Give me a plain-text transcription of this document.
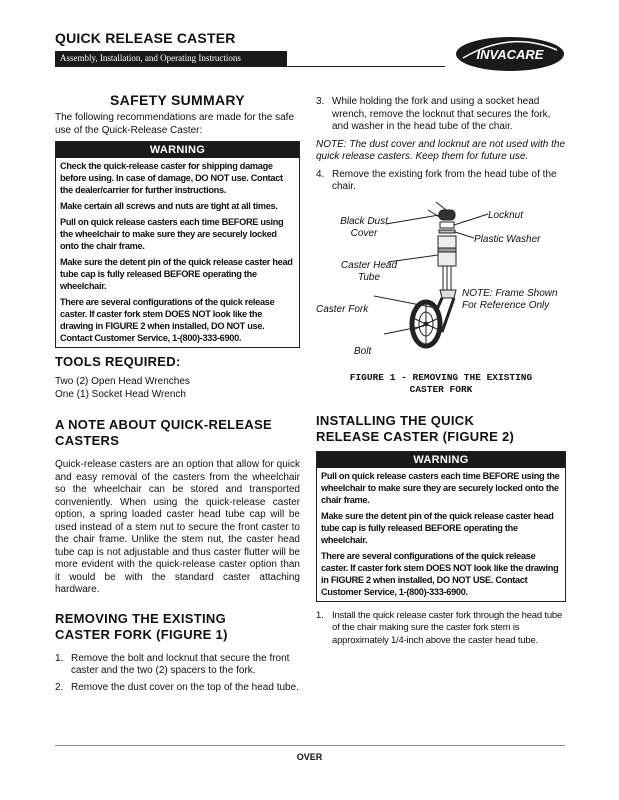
QUICK RELEASE CASTER
Assembly, Installation, and Operating Instructions	INVACARE
SAFETY SUMMARY
The following recommendations are made for the safe use of the Quick-Release Caster:
WARNING

Check the quick-release caster for shipping damage before using. In case of damage, DO NOT use. Contact the dealer/carrier for further instructions.

Make certain all screws and nuts are tight at all times.

Pull on quick release casters each time BEFORE using the wheelchair to make sure they are securely locked onto the chair frame.

Make sure the detent pin of the quick release caster head tube cap is fully released BEFORE operating the wheelchair.

There are several configurations of the quick release caster. If caster fork stem DOES NOT look like the drawing in FIGURE 2 when installed, DO NOT use. Contact Customer Service, 1-(800)-333-6900.

TOOLS REQUIRED:
Two (2) Open Head Wrenches
One (1) Socket Head Wrench
A NOTE ABOUT QUICK-RELEASE
CASTERS
Quick-release casters are an option that allow for quick and easy removal of the casters from the wheelchair so the wheelchair can be stored and transported conveniently. When using the quick-release caster option, a spring loaded caster head tube cap will be used instead of a stem nut to secure the front caster to the chair frame. Unlike the stem nut, the caster head tube cap is not adjustable and thus caster flutter will be more evident with the quick-release caster option than it would be with the standard caster attaching hardware.
REMOVING THE EXISTING
CASTER FORK (FIGURE 1)
1. Remove the bolt and locknut that secure the front caster and the two (2) spacers to the fork.
2. Remove the dust cover on the top of the head tube.
3. While holding the fork and using a socket head wrench, remove the locknut that secures the fork, and washer in the head tube of the chair.
NOTE: The dust cover and locknut are not used with the quick release casters. Keep them for future use.
4. Remove the existing fork from the head tube of the chair.
Black Dust
Cover
Locknut
Plastic Washer
Caster Head
Tube
Caster Fork
NOTE: Frame Shown
For Reference Only
Bolt
FIGURE 1 - REMOVING THE EXISTING
CASTER FORK
INSTALLING THE QUICK
RELEASE CASTER (FIGURE 2)
WARNING

Pull on quick release casters each time BEFORE using the wheelchair to make sure they are securely locked onto the chair frame.

Make sure the detent pin of the quick release caster head tube cap is fully released BEFORE operating the wheelchair.

There are several configurations of the quick release caster. If caster fork stem DOES NOT look like the drawing in FIGURE 2 when installed, DO NOT USE. Contact Customer Service, 1-(800)-333-6900.

1. Install the quick release caster fork through the head tube of the chair making sure the caster fork stem is approximately 1/4-inch above the caster head tube.
OVER
